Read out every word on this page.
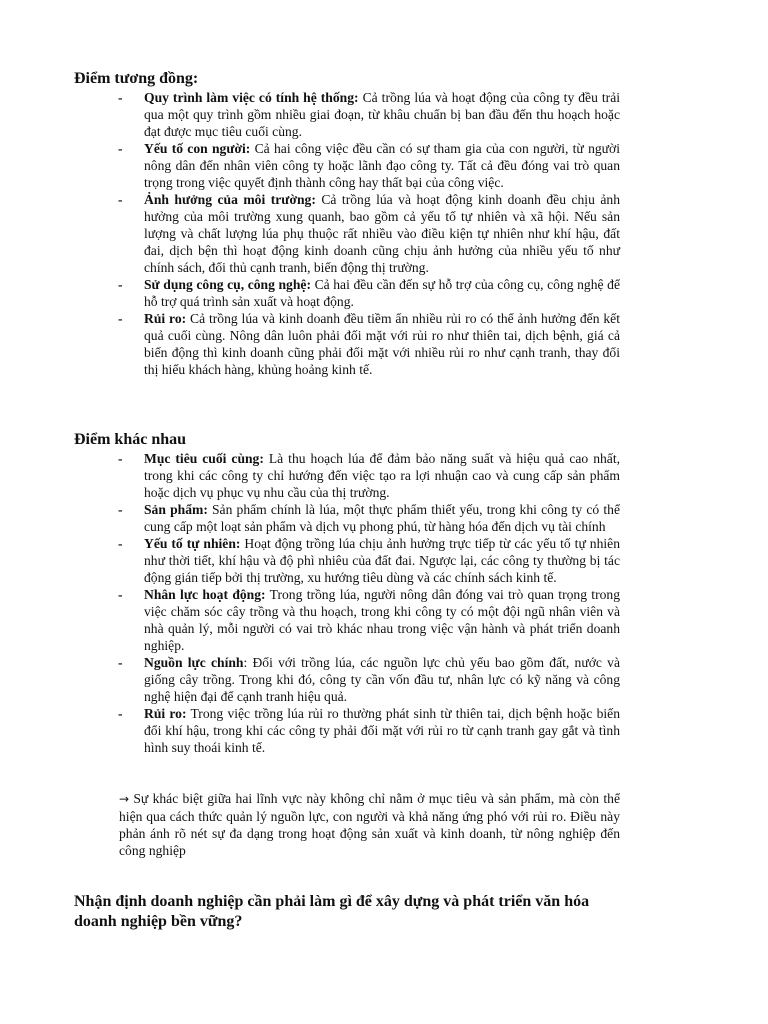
Điểm tương đồng:
- Quy trình làm việc có tính hệ thống: Cả trồng lúa và hoạt động của công ty đều trải qua một quy trình gồm nhiều giai đoạn, từ khâu chuẩn bị ban đầu đến thu hoạch hoặc đạt được mục tiêu cuối cùng.
- Yếu tố con người: Cả hai công việc đều cần có sự tham gia của con người, từ người nông dân đến nhân viên công ty hoặc lãnh đạo công ty. Tất cả đều đóng vai trò quan trọng trong việc quyết định thành công hay thất bại của công việc.
- Ảnh hưởng của môi trường: Cả trồng lúa và hoạt động kinh doanh đều chịu ảnh hưởng của môi trường xung quanh, bao gồm cả yếu tố tự nhiên và xã hội. Nếu sản lượng và chất lượng lúa phụ thuộc rất nhiều vào điều kiện tự nhiên như khí hậu, đất đai, dịch bện thì hoạt động kinh doanh cũng chịu ảnh hưởng của nhiều yếu tố như chính sách, đối thủ cạnh tranh, biến động thị trường.
- Sử dụng công cụ, công nghệ: Cả hai đều cần đến sự hỗ trợ của công cụ, công nghệ để hỗ trợ quá trình sản xuất và hoạt động.
- Rủi ro: Cả trồng lúa và kinh doanh đều tiềm ẩn nhiều rủi ro có thể ảnh hưởng đến kết quả cuối cùng. Nông dân luôn phải đối mặt với rủi ro như thiên tai, dịch bệnh, giá cả biến động thì kinh doanh cũng phải đối mặt với nhiều rủi ro như cạnh tranh, thay đổi thị hiếu khách hàng, khủng hoảng kinh tế.
Điểm khác nhau
- Mục tiêu cuối cùng: Là thu hoạch lúa để đảm bảo năng suất và hiệu quả cao nhất, trong khi các công ty chỉ hướng đến việc tạo ra lợi nhuận cao và cung cấp sản phẩm hoặc dịch vụ phục vụ nhu cầu của thị trường.
- Sản phẩm: Sản phẩm chính là lúa, một thực phẩm thiết yếu, trong khi công ty có thể cung cấp một loạt sản phẩm và dịch vụ phong phú, từ hàng hóa đến dịch vụ tài chính
- Yếu tố tự nhiên: Hoạt động trồng lúa chịu ảnh hưởng trực tiếp từ các yếu tố tự nhiên như thời tiết, khí hậu và độ phì nhiêu của đất đai. Ngược lại, các công ty thường bị tác động gián tiếp bởi thị trường, xu hướng tiêu dùng và các chính sách kinh tế.
- Nhân lực hoạt động: Trong trồng lúa, người nông dân đóng vai trò quan trọng trong việc chăm sóc cây trồng và thu hoạch, trong khi công ty có một đội ngũ nhân viên và nhà quản lý, mỗi người có vai trò khác nhau trong việc vận hành và phát triển doanh nghiệp.
- Nguồn lực chính: Đối với trồng lúa, các nguồn lực chủ yếu bao gồm đất, nước và giống cây trồng. Trong khi đó, công ty cần vốn đầu tư, nhân lực có kỹ năng và công nghệ hiện đại để cạnh tranh hiệu quả.
- Rủi ro: Trong việc trồng lúa rủi ro thường phát sinh từ thiên tai, dịch bệnh hoặc biến đổi khí hậu, trong khi các công ty phải đối mặt với rủi ro từ cạnh tranh gay gắt và tình hình suy thoái kinh tế.
→ Sự khác biệt giữa hai lĩnh vực này không chỉ nằm ở mục tiêu và sản phẩm, mà còn thể hiện qua cách thức quản lý nguồn lực, con người và khả năng ứng phó với rủi ro. Điều này phản ánh rõ nét sự đa dạng trong hoạt động sản xuất và kinh doanh, từ nông nghiệp đến công nghiệp
Nhận định doanh nghiệp cần phải làm gì để xây dựng và phát triển văn hóa doanh nghiệp bền vững?
